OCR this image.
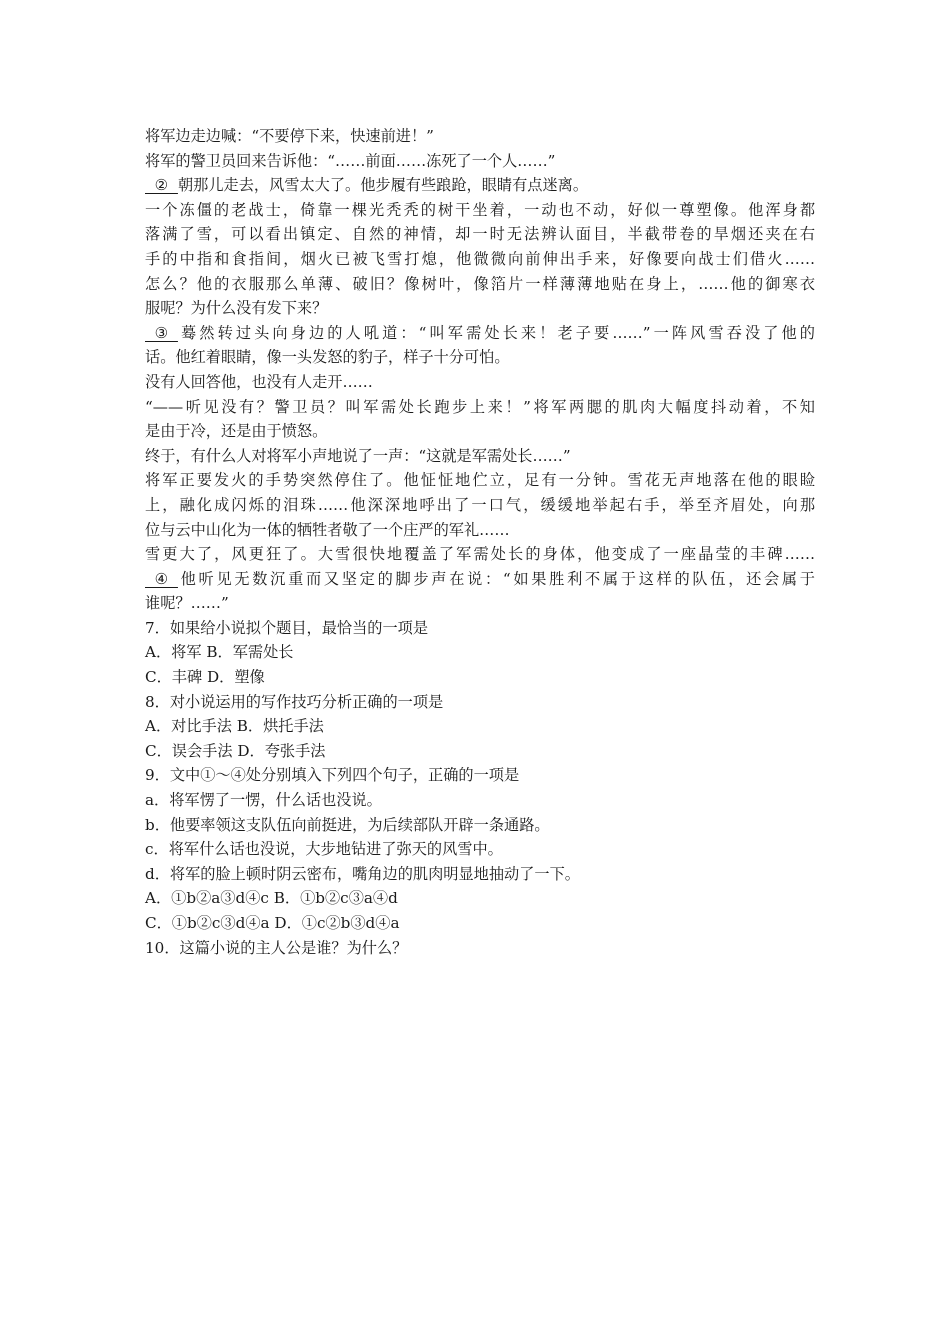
将军边走边喊：“不要停下来，快速前进！”
将军的警卫员回来告诉他：“……前面……冻死了一个人……”
②  朝那儿走去，风雪太大了。他步履有些踉跄，眼睛有点迷离。
一个冻僵的老战士，倚靠一棵光秃秃的树干坐着，一动也不动，好似一尊塑像。他浑身都
落满了雪，可以看出镇定、自然的神情，却一时无法辨认面目，半截带卷的旱烟还夹在右
手的中指和食指间，烟火已被飞雪打熄，他微微向前伸出手来，好像要向战士们借火……
怎么？他的衣服那么单薄、破旧？像树叶，像箔片一样薄薄地贴在身上，……他的御寒衣
服呢？为什么没有发下来？
③  蓦然转过头向身边的人吼道：“叫军需处长来！老子要……”一阵风雪吞没了他的
话。他红着眼睛，像一头发怒的豹子，样子十分可怕。
没有人回答他，也没有人走开……
“——听见没有？警卫员？叫军需处长跑步上来！”将军两腮的肌肉大幅度抖动着，不知
是由于冷，还是由于愤怒。
终于，有什么人对将军小声地说了一声：“这就是军需处长……”
将军正要发火的手势突然停住了。他怔怔地伫立，足有一分钟。雪花无声地落在他的眼睑
上，融化成闪烁的泪珠……他深深地呼出了一口气，缓缓地举起右手，举至齐眉处，向那
位与云中山化为一体的牺牲者敬了一个庄严的军礼……
雪更大了，风更狂了。大雪很快地覆盖了军需处长的身体，他变成了一座晶莹的丰碑……
④  他听见无数沉重而又坚定的脚步声在说：“如果胜利不属于这样的队伍，还会属于
谁呢？……”
7．如果给小说拟个题目，最恰当的一项是
A．将军 B．军需处长
C．丰碑 D．塑像
8．对小说运用的写作技巧分析正确的一项是
A．对比手法 B．烘托手法
C．误会手法 D．夸张手法
9．文中①～④处分别填入下列四个句子，正确的一项是
a．将军愣了一愣，什么话也没说。
b．他要率领这支队伍向前挺进，为后续部队开辟一条通路。
c．将军什么话也没说，大步地钻进了弥天的风雪中。
d．将军的脸上顿时阴云密布，嘴角边的肌肉明显地抽动了一下。
A．①b②a③d④c B．①b②c③a④d
C．①b②c③d④a D．①c②b③d④a
10．这篇小说的主人公是谁？为什么？
